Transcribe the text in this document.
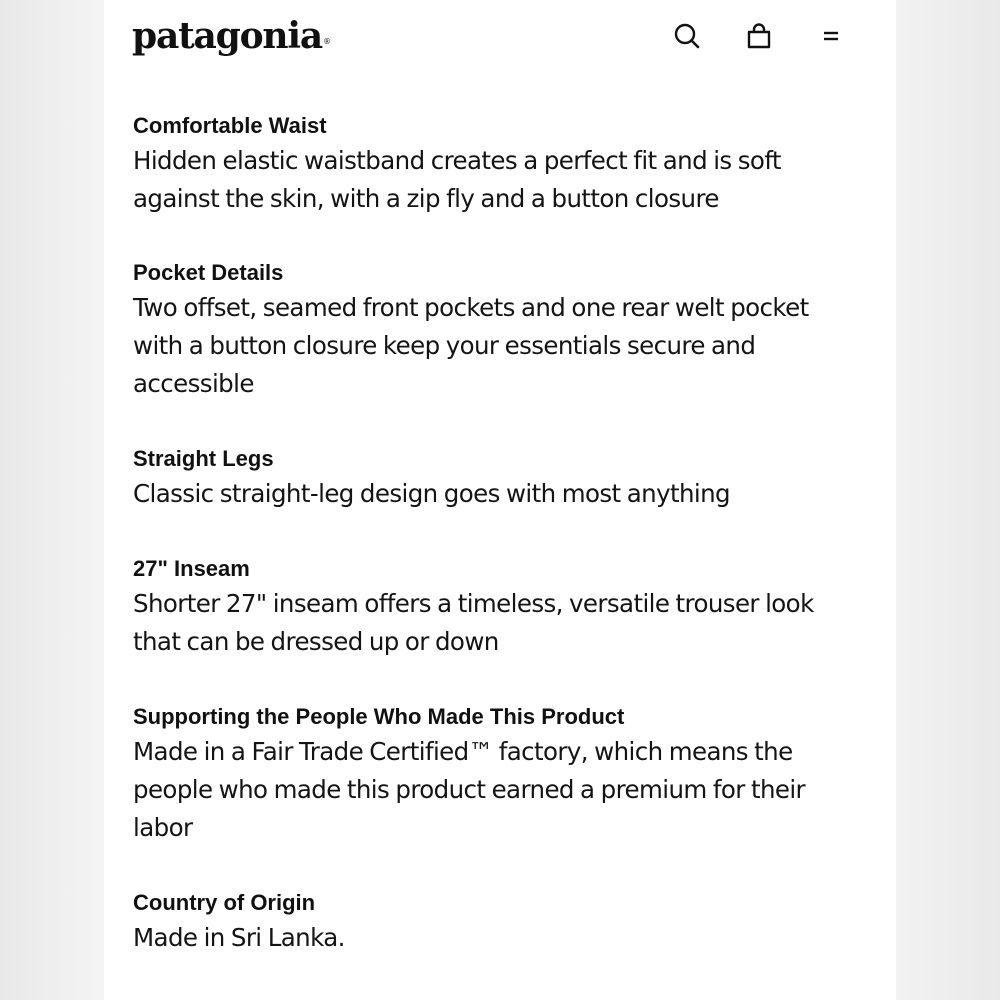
patagonia®
Comfortable Waist
Hidden elastic waistband creates a perfect fit and is soft
against the skin, with a zip fly and a button closure
Pocket Details
Two offset, seamed front pockets and one rear welt pocket
with a button closure keep your essentials secure and
accessible
Straight Legs
Classic straight-leg design goes with most anything
27" Inseam
Shorter 27" inseam offers a timeless, versatile trouser look
that can be dressed up or down
Supporting the People Who Made This Product
Made in a Fair Trade Certified™ factory, which means the
people who made this product earned a premium for their
labor
Country of Origin
Made in Sri Lanka.
